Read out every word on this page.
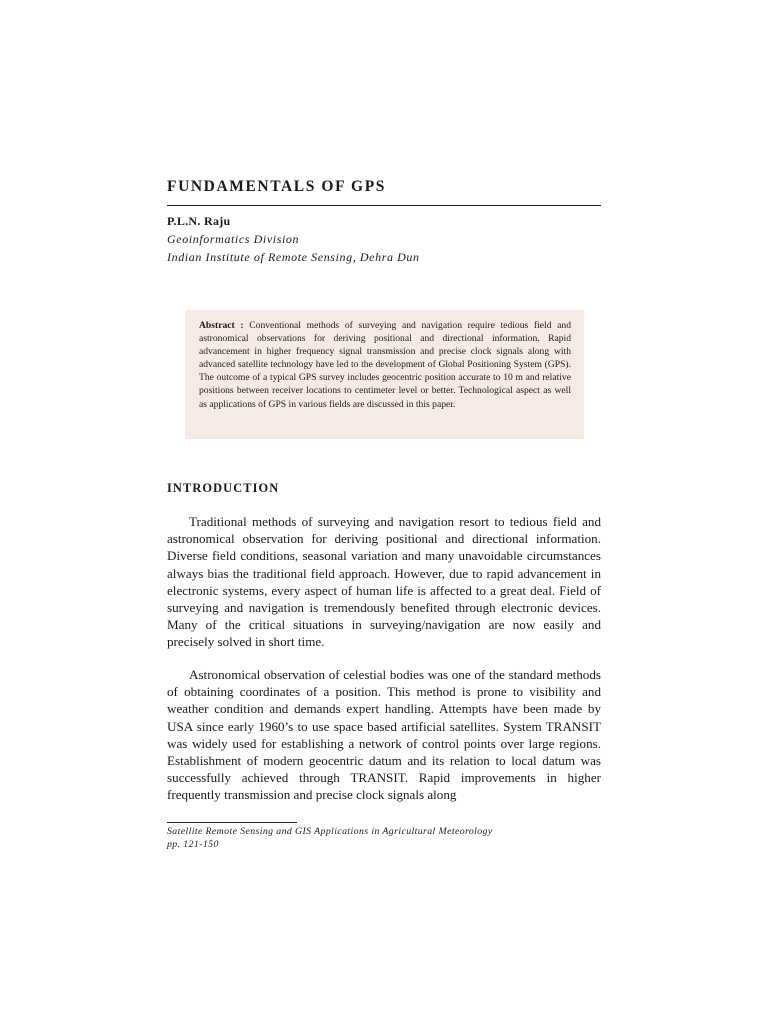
FUNDAMENTALS OF GPS
P.L.N. Raju
Geoinformatics Division
Indian Institute of Remote Sensing, Dehra Dun
Abstract : Conventional methods of surveying and navigation require tedious field and astronomical observations for deriving positional and directional information. Rapid advancement in higher frequency signal transmission and precise clock signals along with advanced satellite technology have led to the development of Global Positioning System (GPS). The outcome of a typical GPS survey includes geocentric position accurate to 10 m and relative positions between receiver locations to centimeter level or better. Technological aspect as well as applications of GPS in various fields are discussed in this paper.
INTRODUCTION

Traditional methods of surveying and navigation resort to tedious field and astronomical observation for deriving positional and directional information. Diverse field conditions, seasonal variation and many unavoidable circumstances always bias the traditional field approach. However, due to rapid advancement in electronic systems, every aspect of human life is affected to a great deal. Field of surveying and navigation is tremendously benefited through electronic devices. Many of the critical situations in surveying/navigation are now easily and precisely solved in short time.

Astronomical observation of celestial bodies was one of the standard methods of obtaining coordinates of a position. This method is prone to visibility and weather condition and demands expert handling. Attempts have been made by USA since early 1960’s to use space based artificial satellites. System TRANSIT was widely used for establishing a network of control points over large regions. Establishment of modern geocentric datum and its relation to local datum was successfully achieved through TRANSIT. Rapid improvements in higher frequently transmission and precise clock signals along

Satellite Remote Sensing and GIS Applications in Agricultural Meteorology
pp. 121-150
